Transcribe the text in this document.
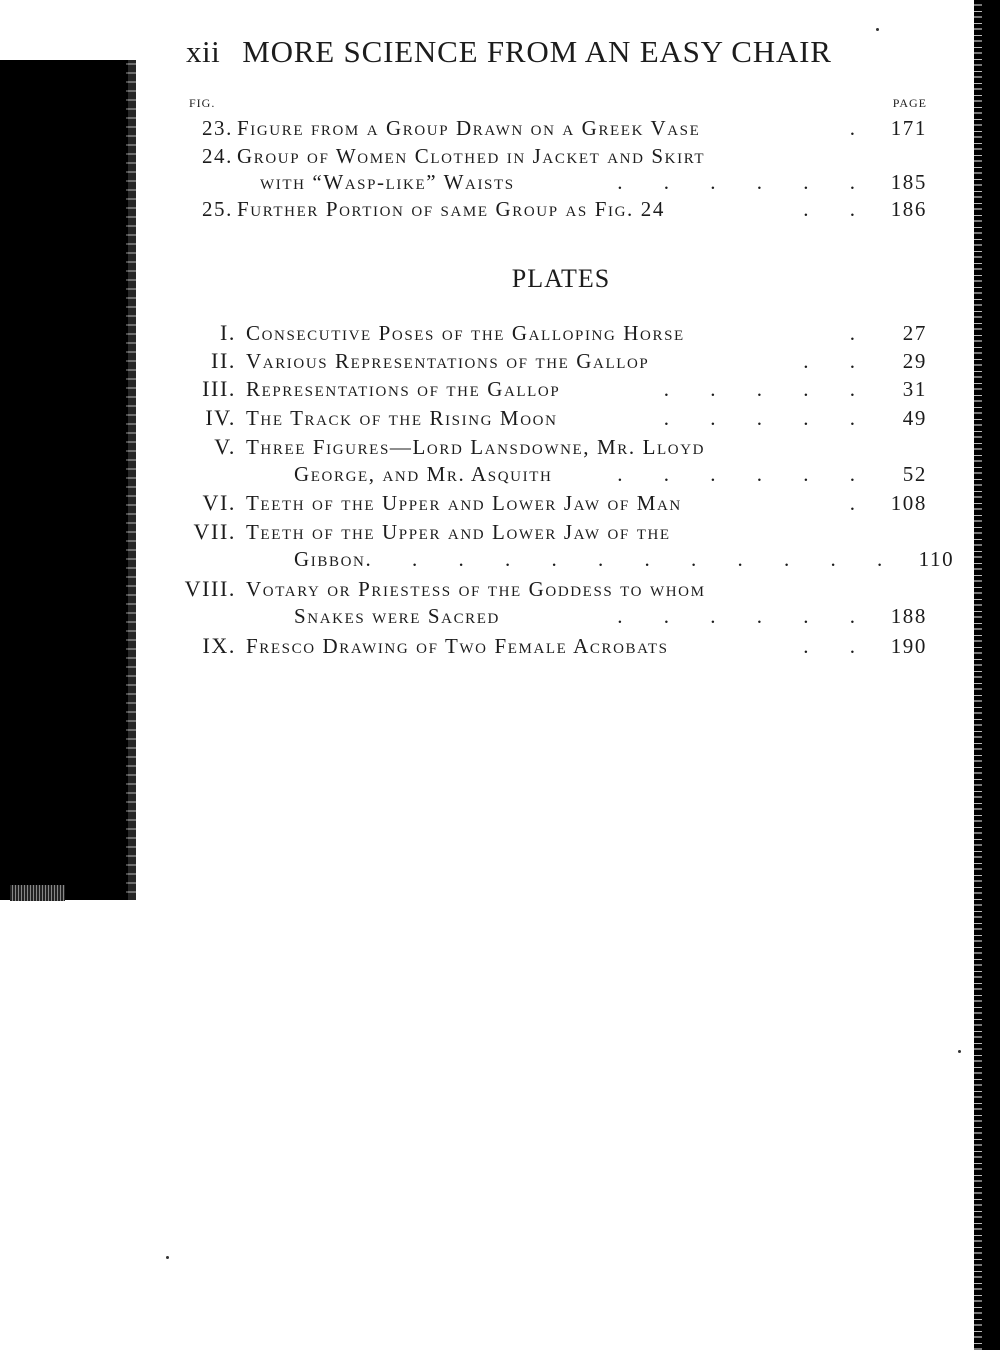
xii MORE SCIENCE FROM AN EASY CHAIR
FIG.	PAGE
23. Figure from a Group Drawn on a Greek Vase	. 171
24. Group of Women Clothed in Jacket and Skirt
with “Wasp-like” Waists	. . . . . . 185
25. Further Portion of same Group as Fig. 24	. . 186
PLATES
I. Consecutive Poses of the Galloping Horse	.	27
II. Various Representations of the Gallop	. .	29
III. Representations of the Gallop	. . . . .	31
IV. The Track of the Rising Moon	. . . . .	49
V. Three Figures—Lord Lansdowne, Mr. Lloyd
George, and Mr. Asquith	. . . . . .	52
VI. Teeth of the Upper and Lower Jaw of Man	. 108
VII. Teeth of the Upper and Lower Jaw of the
Gibbon . . . . . . . . . . . . 110
VIII. Votary or Priestess of the Goddess to whom
Snakes were Sacred	. . . . . . 188
IX. Fresco Drawing of Two Female Acrobats	. . 190
